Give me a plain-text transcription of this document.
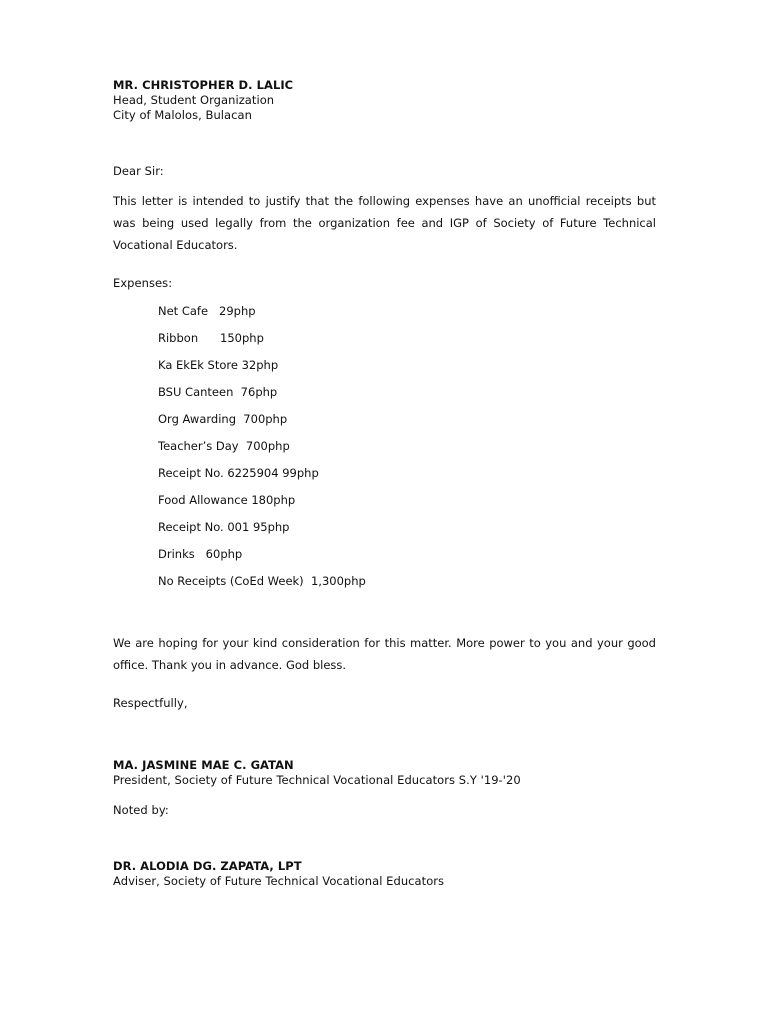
MR. CHRISTOPHER D. LALIC
Head, Student Organization
City of Malolos, Bulacan
Dear Sir:

This letter is intended to justify that the following expenses have an unofficial receipts but was being used legally from the organization fee and IGP of Society of Future Technical Vocational Educators.

Expenses:
Net Cafe   29php
Ribbon      150php
Ka EkEk Store 32php
BSU Canteen  76php
Org Awarding  700php
Teacher’s Day  700php
Receipt No. 6225904 99php
Food Allowance 180php
Receipt No. 001 95php
Drinks   60php
No Receipts (CoEd Week)  1,300php

We are hoping for your kind consideration for this matter. More power to you and your good office. Thank you in advance. God bless.

Respectfully,
MA. JASMINE MAE C. GATAN
President, Society of Future Technical Vocational Educators S.Y '19-'20
Noted by:
DR. ALODIA DG. ZAPATA, LPT
Adviser, Society of Future Technical Vocational Educators
